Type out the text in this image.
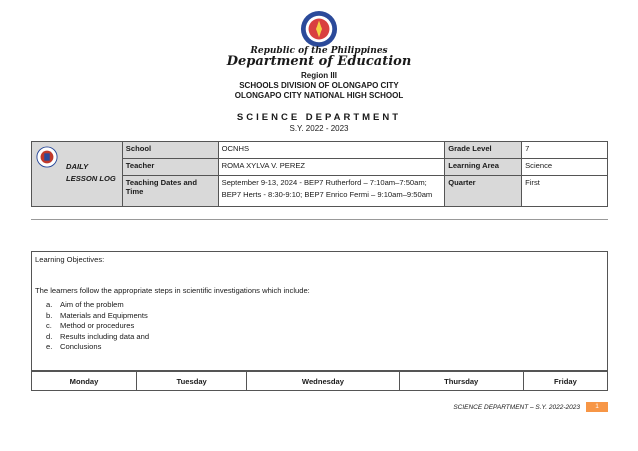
Republic of the Philippines
Department of Education
Region III
SCHOOLS DIVISION OF OLONGAPO CITY
OLONGAPO CITY NATIONAL HIGH SCHOOL
SCIENCE DEPARTMENT
S.Y. 2022 - 2023
DAILY LESSON LOG	School	OCNHS	Grade Level	7
	Teacher	ROMA XYLVA V. PEREZ	Learning Area	Science
	Teaching Dates and Time	September 9-13, 2024 - BEP7 Rutherford – 7:10am–7:50am;
BEP7 Herts - 8:30-9:10; BEP7 Enrico Fermi – 9:10am–9:50am	Quarter	First
Learning Objectives:
The learners follow the appropriate steps in scientific investigations which include:
a. Aim of the problem
b. Materials and Equipments
c. Method or procedures
d. Results including data and
e. Conclusions
Monday	Tuesday	Wednesday	Thursday	Friday
SCIENCE DEPARTMENT – S.Y. 2022-2023	1
